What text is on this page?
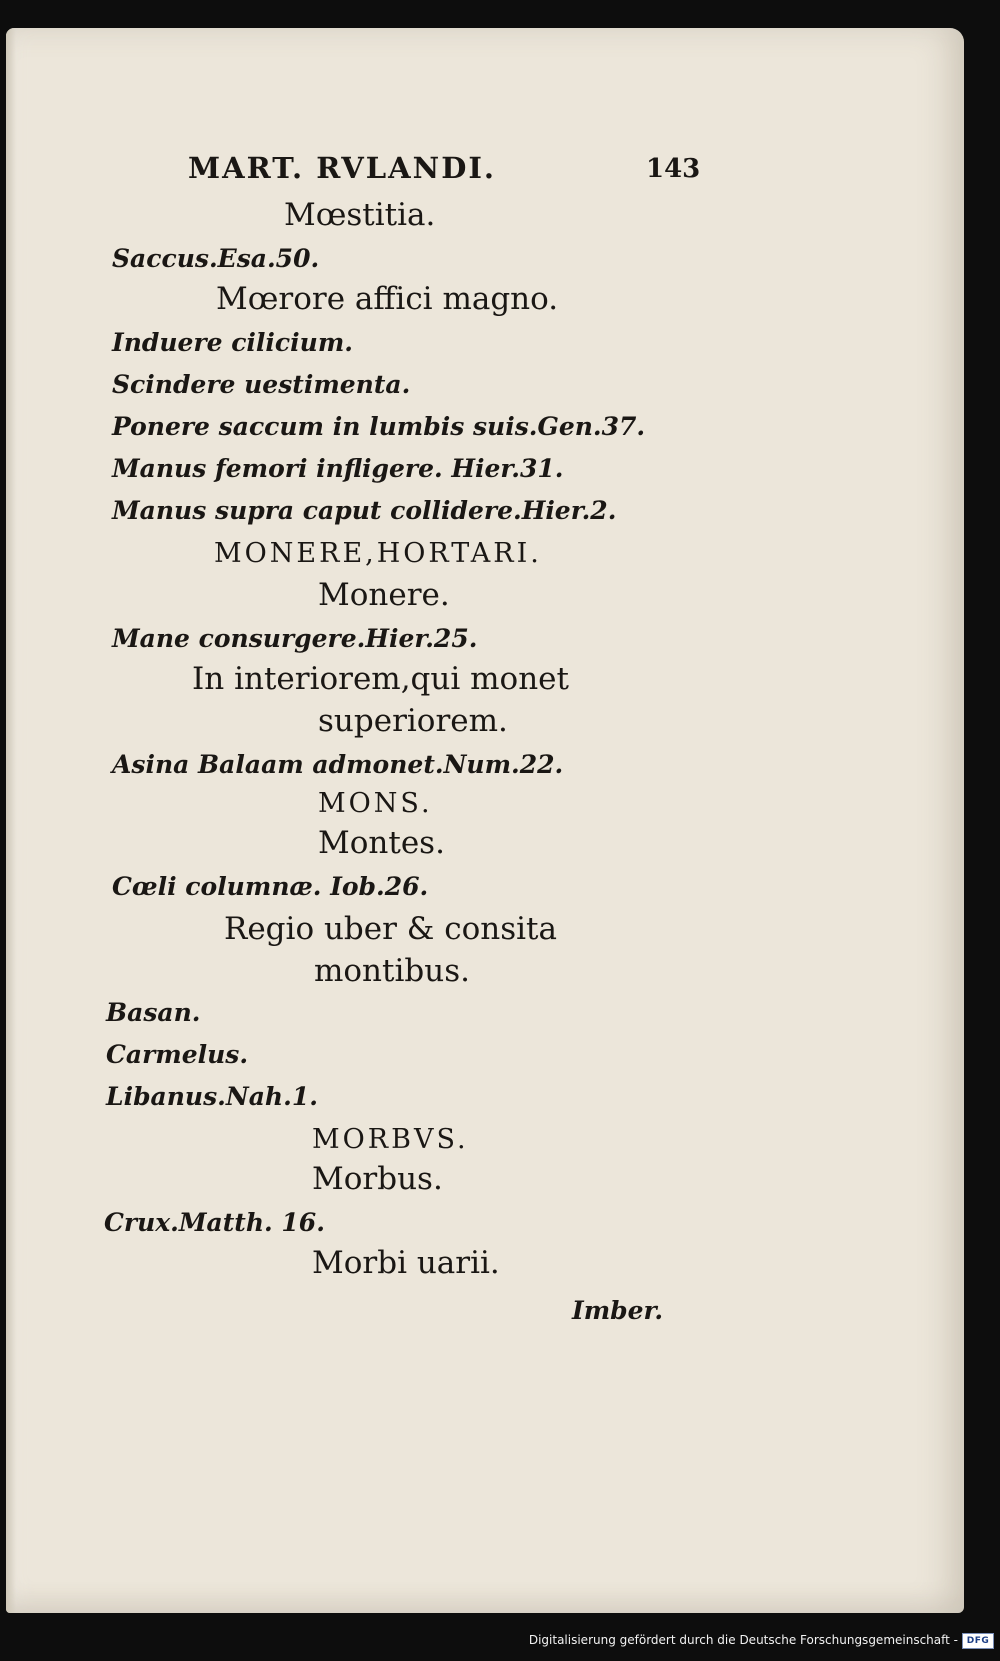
MART. RVLANDI.	143
Mœstitia.
Saccus.Esa.50.
Mœrore affici magno.
Induere cilicium.
Scindere uestimenta.
Ponere saccum in lumbis suis.Gen.37.
Manus femori infligere. Hier.31.
Manus supra caput collidere.Hier.2.
MONERE,HORTARI.
Monere.
Mane consurgere.Hier.25.
In interiorem,qui monet
superiorem.
Asina Balaam admonet.Num.22.
MONS.
Montes.
Cœli columnæ. Iob.26.
Regio uber & consita
montibus.
Basan.
Carmelus.
Libanus.Nah.1.
MORBVS.
Morbus.
Crux.Matth. 16.
Morbi uarii.
Imber.
Digitalisierung gefördert durch die Deutsche Forschungsgemeinschaft - DFG
